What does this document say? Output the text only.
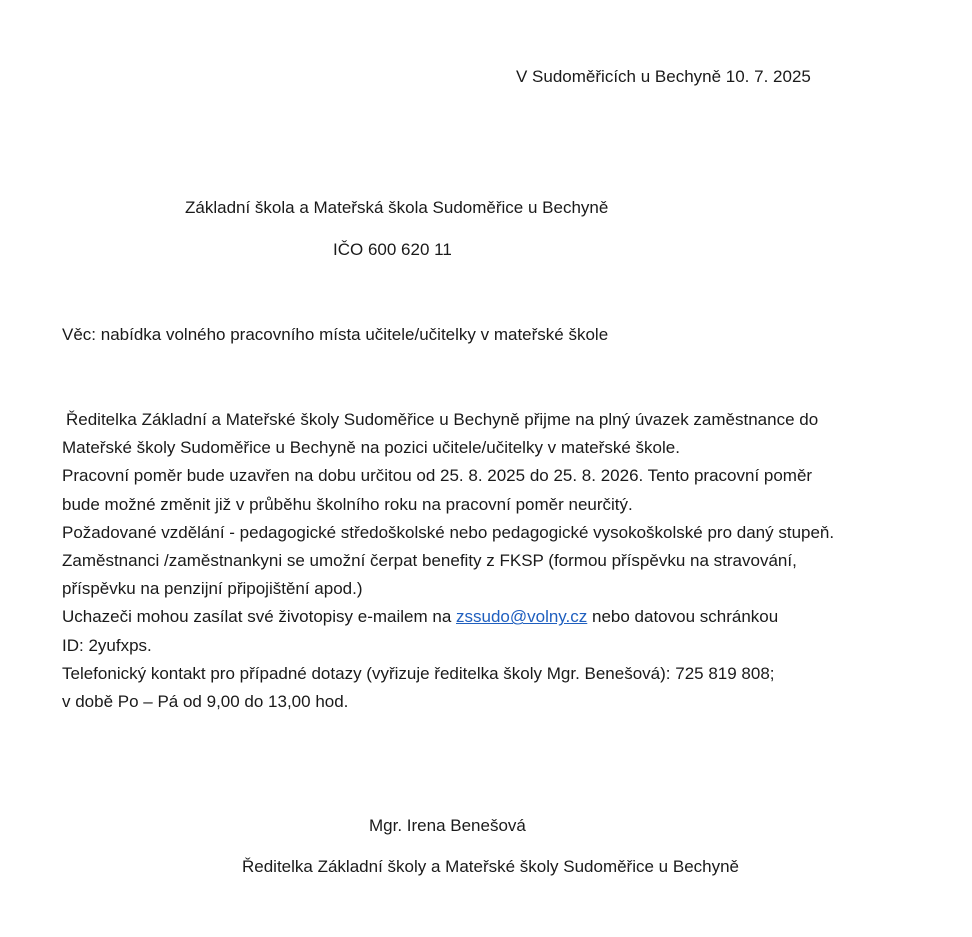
V Sudoměřicích u Bechyně 10. 7. 2025
Základní škola a Mateřská škola Sudoměřice u Bechyně
IČO 600 620 11
Věc: nabídka volného pracovního místa učitele/učitelky v mateřské škole
Ředitelka Základní a Mateřské školy Sudoměřice u Bechyně přijme na plný úvazek zaměstnance do
Mateřské školy Sudoměřice u Bechyně na pozici učitele/učitelky v mateřské škole.
Pracovní poměr bude uzavřen na dobu určitou od 25. 8. 2025 do 25. 8. 2026. Tento pracovní poměr
bude možné změnit již v průběhu školního roku na pracovní poměr neurčitý.
Požadované vzdělání - pedagogické středoškolské nebo pedagogické vysokoškolské pro daný stupeň.
Zaměstnanci /zaměstnankyni se umožní čerpat benefity z FKSP (formou příspěvku na stravování,
příspěvku na penzijní připojištění apod.)
Uchazeči mohou zasílat své životopisy e-mailem na zssudo@volny.cz nebo datovou schránkou
ID: 2yufxps.
Telefonický kontakt pro případné dotazy (vyřizuje ředitelka školy Mgr. Benešová): 725 819 808;
v době Po – Pá od 9,00 do 13,00 hod.
Mgr. Irena Benešová
Ředitelka Základní školy a Mateřské školy Sudoměřice u Bechyně
